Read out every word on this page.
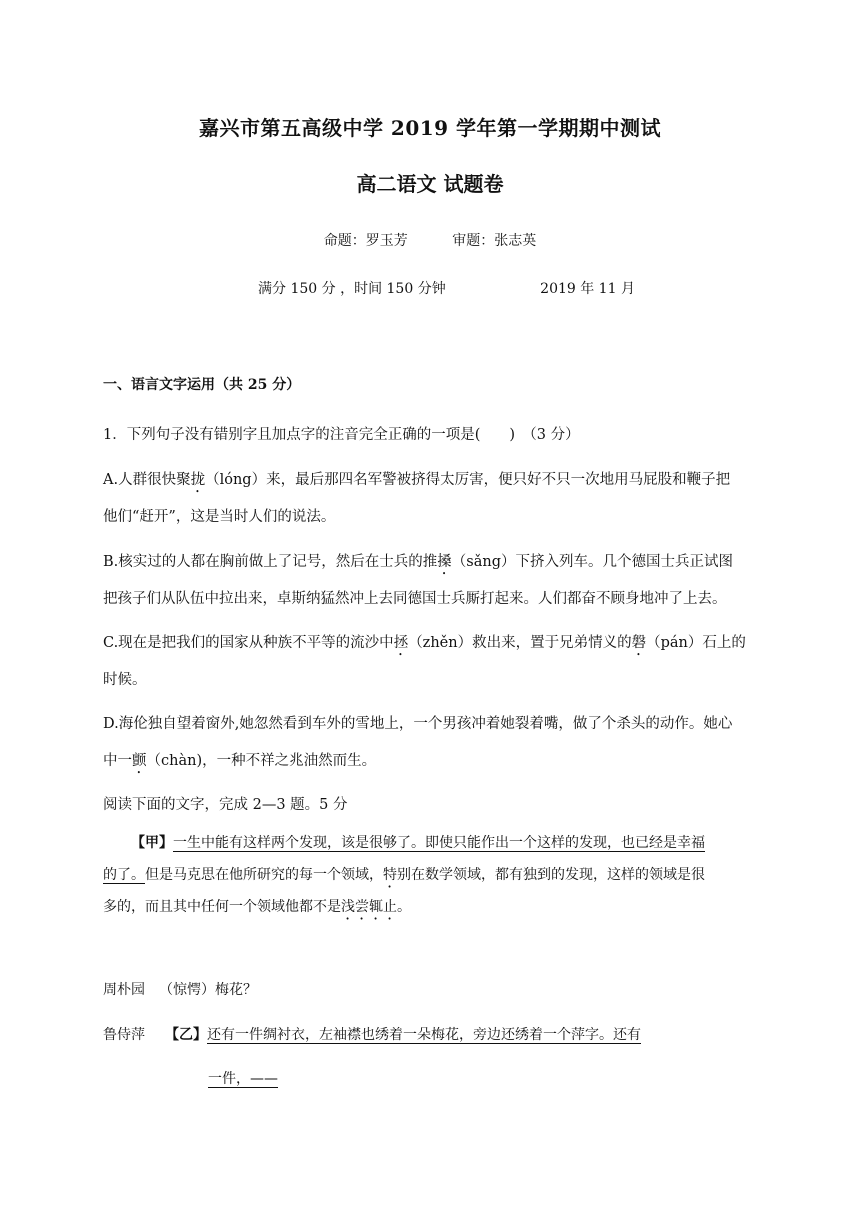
嘉兴市第五高级中学 2019 学年第一学期期中测试
高二语文 试题卷
命题：罗玉芳	审题：张志英
满分 150 分 ，时间 150 分钟	2019 年 11 月
一、语言文字运用（共 25 分）
1．下列句子没有错别字且加点字的注音完全正确的一项是(　　)　（3 分）
A.人群很快聚拢（lóng）来，最后那四名军警被挤得太厉害，便只好不只一次地用马屁股和鞭子把
他们“赶开”，这是当时人们的说法。
B.核实过的人都在胸前做上了记号，然后在士兵的推搡（sǎng）下挤入列车。几个德国士兵正试图
把孩子们从队伍中拉出来，卓斯纳猛然冲上去同德国士兵厮打起来。人们都奋不顾身地冲了上去。
C.现在是把我们的国家从种族不平等的流沙中拯（zhěn）救出来，置于兄弟情义的磐（pán）石上的
时候。
D.海伦独自望着窗外,她忽然看到车外的雪地上，一个男孩冲着她裂着嘴，做了个杀头的动作。她心
中一颤（chàn)，一种不祥之兆油然而生。
阅读下面的文字，完成 2—3 题。5 分
【甲】一生中能有这样两个发现，该是很够了。即使只能作出一个这样的发现，也已经是幸福
的了。但是马克思在他所研究的每一个领域，特别在数学领域，都有独到的发现，这样的领域是很
多的，而且其中任何一个领域他都不是浅尝辄止。
周朴园 （惊愕）梅花？
鲁侍萍 【乙】还有一件绸衬衣，左袖襟也绣着一朵梅花，旁边还绣着一个萍字。还有
一件，——
